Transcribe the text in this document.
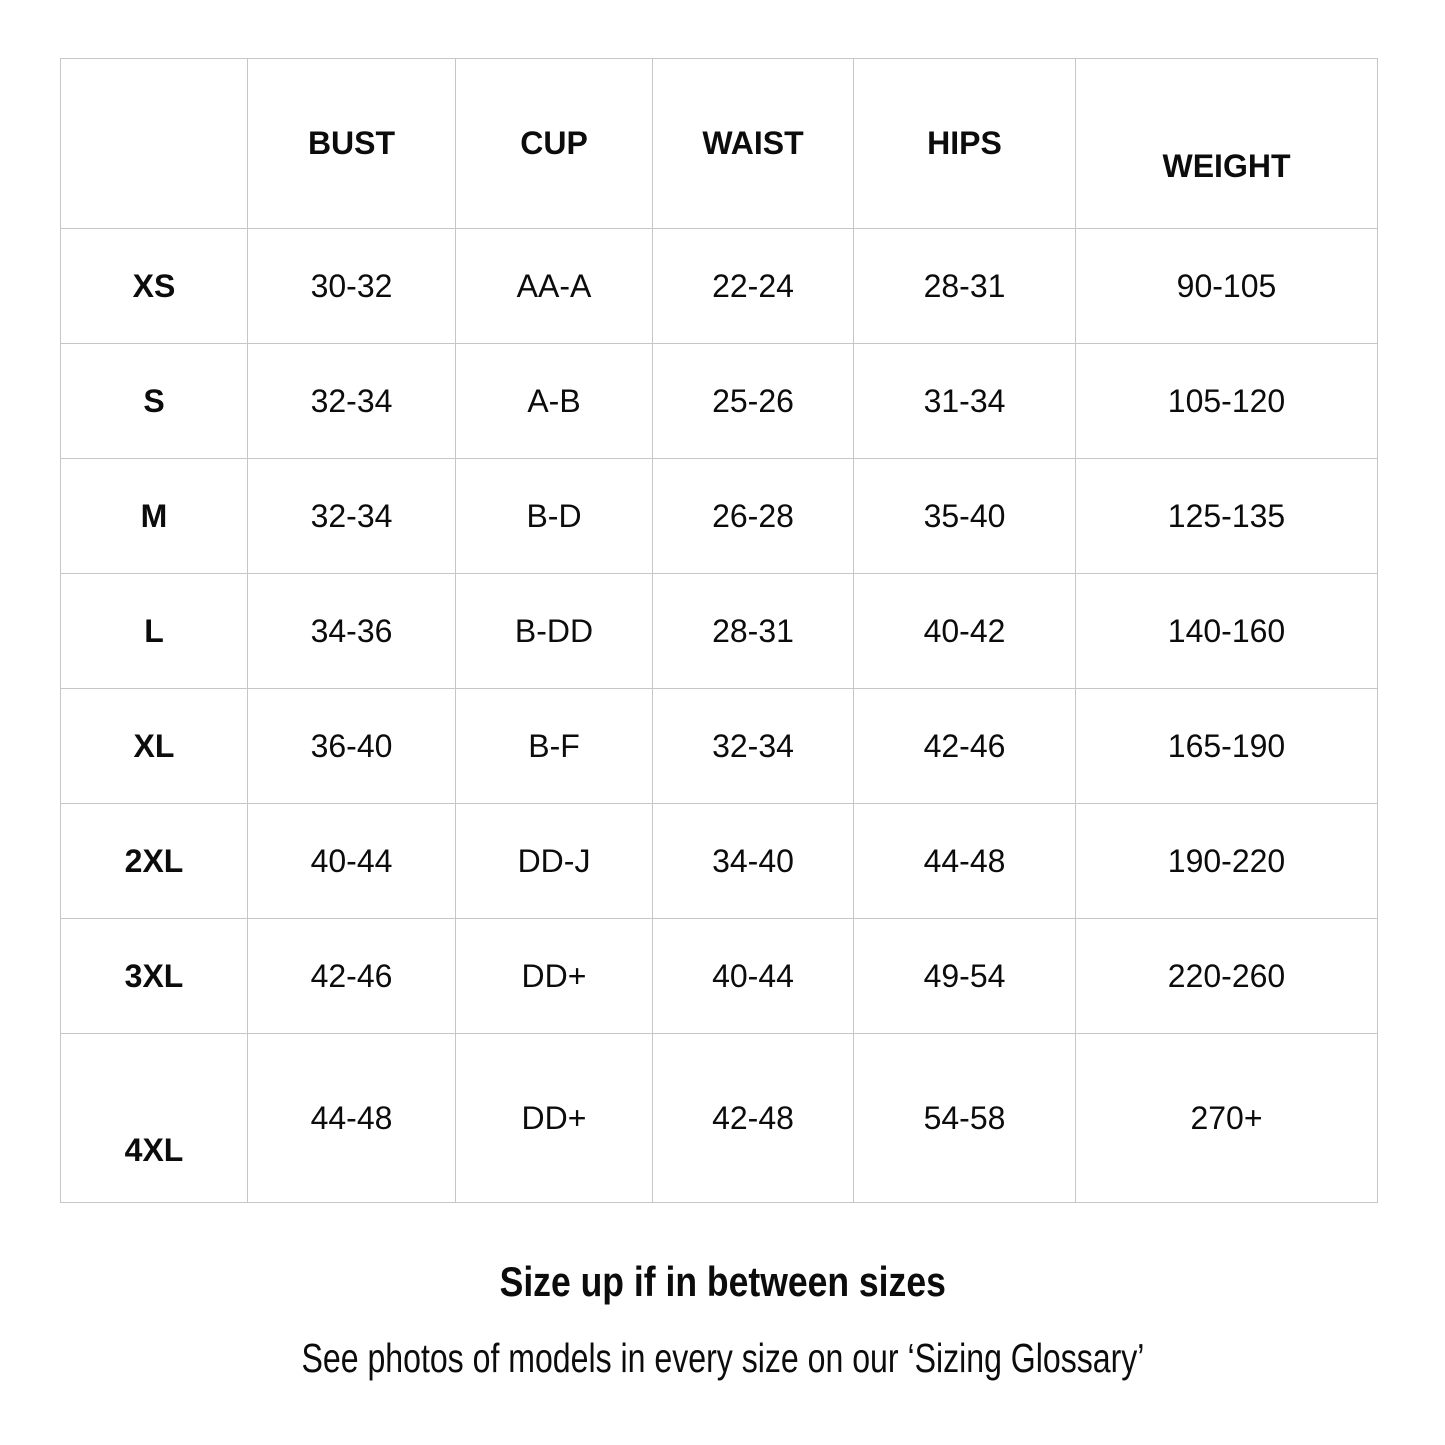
	BUST	CUP	WAIST	HIPS	WEIGHT
XS	30-32	AA-A	22-24	28-31	90-105
S	32-34	A-B	25-26	31-34	105-120
M	32-34	B-D	26-28	35-40	125-135
L	34-36	B-DD	28-31	40-42	140-160
XL	36-40	B-F	32-34	42-46	165-190
2XL	40-44	DD-J	34-40	44-48	190-220
3XL	42-46	DD+	40-44	49-54	220-260
4XL	44-48	DD+	42-48	54-58	270+
Size up if in between sizes
See photos of models in every size on our ‘Sizing Glossary’
